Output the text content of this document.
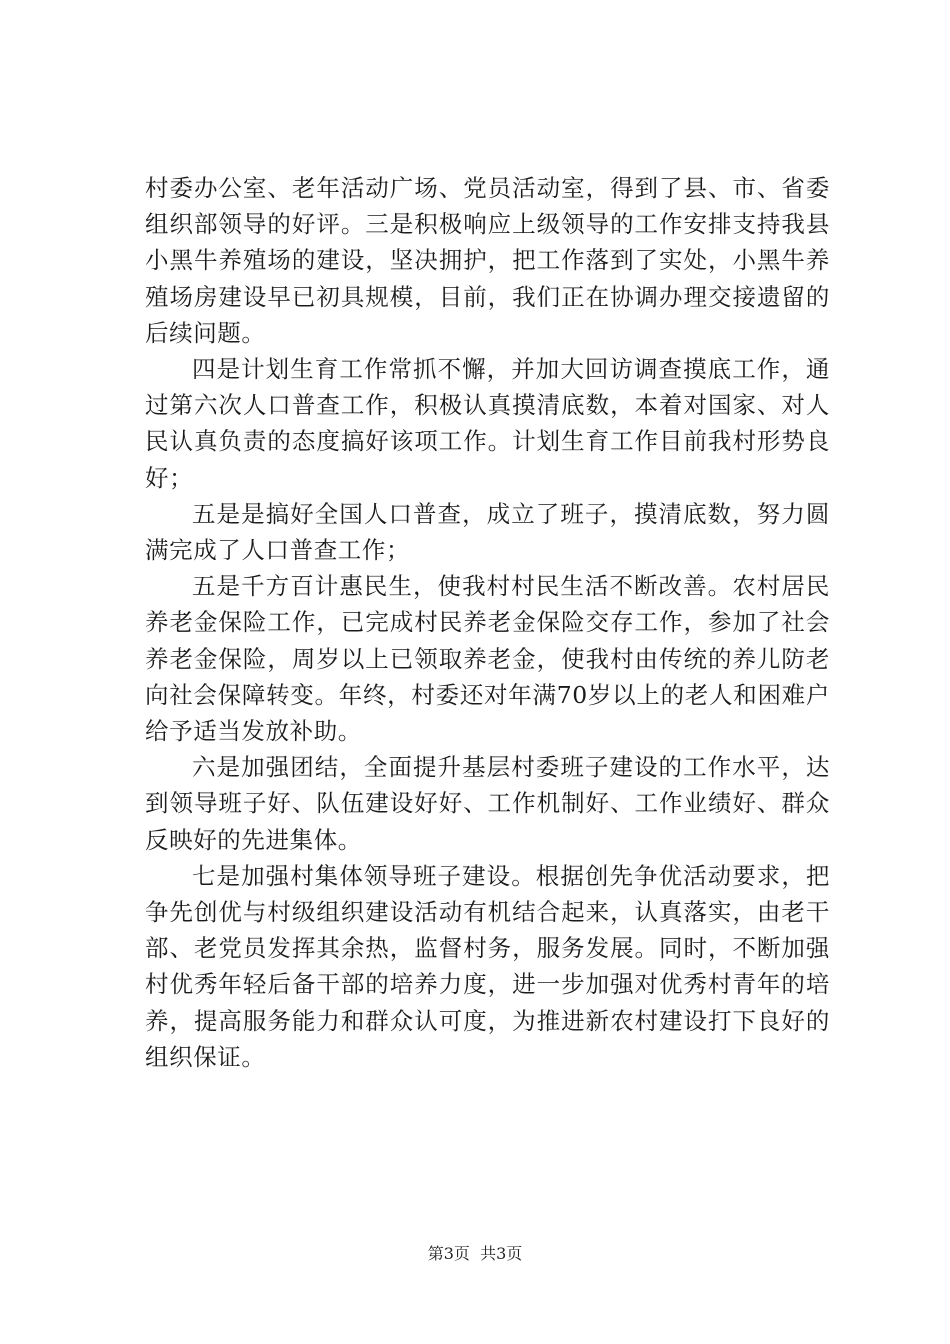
村委办公室、老年活动广场、党员活动室，得到了县、市、省委组织部领导的好评。三是积极响应上级领导的工作安排支持我县小黑牛养殖场的建设，坚决拥护，把工作落到了实处，小黑牛养殖场房建设早已初具规模，目前，我们正在协调办理交接遗留的后续问题。

四是计划生育工作常抓不懈，并加大回访调查摸底工作，通过第六次人口普查工作，积极认真摸清底数，本着对国家、对人民认真负责的态度搞好该项工作。计划生育工作目前我村形势良好；

五是是搞好全国人口普查，成立了班子，摸清底数，努力圆满完成了人口普查工作；

五是千方百计惠民生，使我村村民生活不断改善。农村居民养老金保险工作，已完成村民养老金保险交存工作，参加了社会养老金保险，周岁以上已领取养老金，使我村由传统的养儿防老向社会保障转变。年终，村委还对年满70岁以上的老人和困难户给予适当发放补助。

六是加强团结，全面提升基层村委班子建设的工作水平，达到领导班子好、队伍建设好好、工作机制好、工作业绩好、群众反映好的先进集体。

七是加强村集体领导班子建设。根据创先争优活动要求，把争先创优与村级组织建设活动有机结合起来，认真落实，由老干部、老党员发挥其余热，监督村务，服务发展。同时，不断加强村优秀年轻后备干部的培养力度，进一步加强对优秀村青年的培养，提高服务能力和群众认可度，为推进新农村建设打下良好的组织保证。

第3页  共3页
